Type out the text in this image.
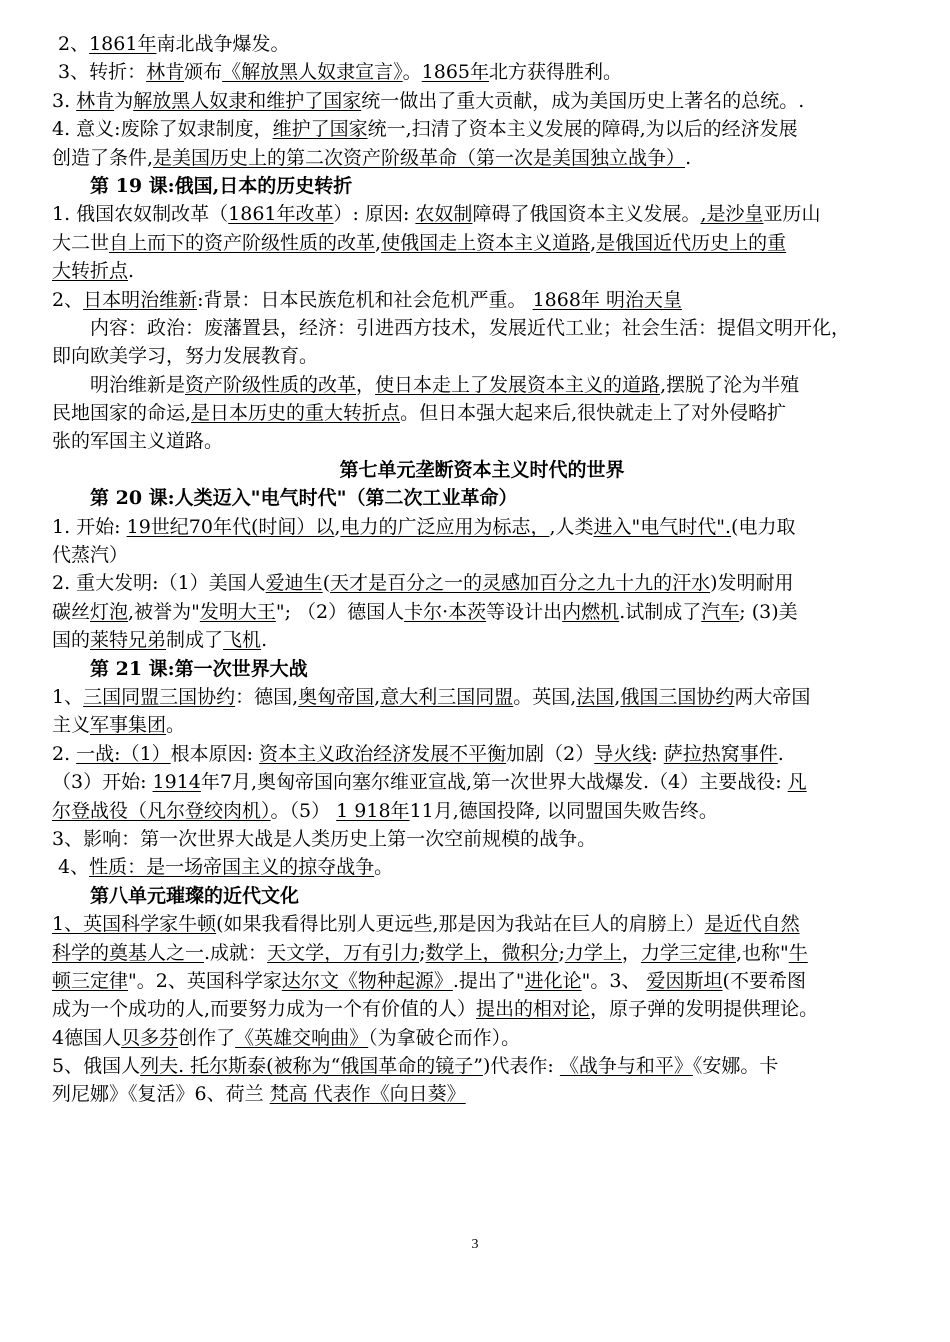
2、1861年南北战争爆发。
3、转折：林肯颁布《解放黑人奴隶宣言》。1865年北方获得胜利。
3. 林肯为解放黑人奴隶和维护了国家统一做出了重大贡献，成为美国历史上著名的总统。.
4. 意义:废除了奴隶制度，维护了国家统一,扫清了资本主义发展的障碍,为以后的经济发展
创造了条件,是美国历史上的第二次资产阶级革命（第一次是美国独立战争）.
第 19 课:俄国,日本的历史转折
1. 俄国农奴制改革（1861年改革）: 原因: 农奴制障碍了俄国资本主义发展。,是沙皇亚历山
大二世自上而下的资产阶级性质的改革,使俄国走上资本主义道路,是俄国近代历史上的重
大转折点.
2、日本明治维新:背景：日本民族危机和社会危机严重。 1868年 明治天皇
内容：政治：废藩置县，经济：引进西方技术，发展近代工业；社会生活：提倡文明开化，
即向欧美学习，努力发展教育。
明治维新是资产阶级性质的改革，使日本走上了发展资本主义的道路,摆脱了沦为半殖
民地国家的命运,是日本历史的重大转折点。但日本强大起来后,很快就走上了对外侵略扩
张的军国主义道路。
第七单元垄断资本主义时代的世界
第 20 课:人类迈入"电气时代"（第二次工业革命）
1. 开始: 19世纪70年代(时间）以,电力的广泛应用为标志，,人类进入"电气时代".(电力取
代蒸汽）
2. 重大发明:（1）美国人爱迪生(天才是百分之一的灵感加百分之九十九的汗水)发明耐用
碳丝灯泡,被誉为"发明大王"; （2）德国人卡尔·本茨等设计出内燃机.试制成了汽车; (3)美
国的莱特兄弟制成了飞机.
第 21 课:第一次世界大战
1、三国同盟三国协约：德国,奥匈帝国,意大利三国同盟。英国,法国,俄国三国协约两大帝国
主义军事集团。
2. 一战:（1）根本原因: 资本主义政治经济发展不平衡加剧（2）导火线: 萨拉热窝事件.
（3）开始: 1914年7月,奥匈帝国向塞尔维亚宣战,第一次世界大战爆发.（4）主要战役: 凡
尔登战役（凡尔登绞肉机）。（5） 1 918年11月,德国投降, 以同盟国失败告终。
3、影响：第一次世界大战是人类历史上第一次空前规模的战争。
4、性质：是一场帝国主义的掠夺战争。
第八单元璀璨的近代文化
1、英国科学家牛顿(如果我看得比别人更远些,那是因为我站在巨人的肩膀上）是近代自然
科学的奠基人之一.成就：天文学，万有引力;数学上，微积分;力学上，力学三定律,也称"牛
顿三定律"。2、英国科学家达尔文《物种起源》.提出了"进化论"。3、 爱因斯坦(不要希图
成为一个成功的人,而要努力成为一个有价值的人）提出的相对论，原子弹的发明提供理论。
4德国人贝多芬创作了《英雄交响曲》（为拿破仑而作）。
5、俄国人列夫. 托尔斯泰(被称为“俄国革命的镜子”)代表作: 《战争与和平》《安娜。卡
列尼娜》《复活》6、荷兰 梵高 代表作《向日葵》
3
